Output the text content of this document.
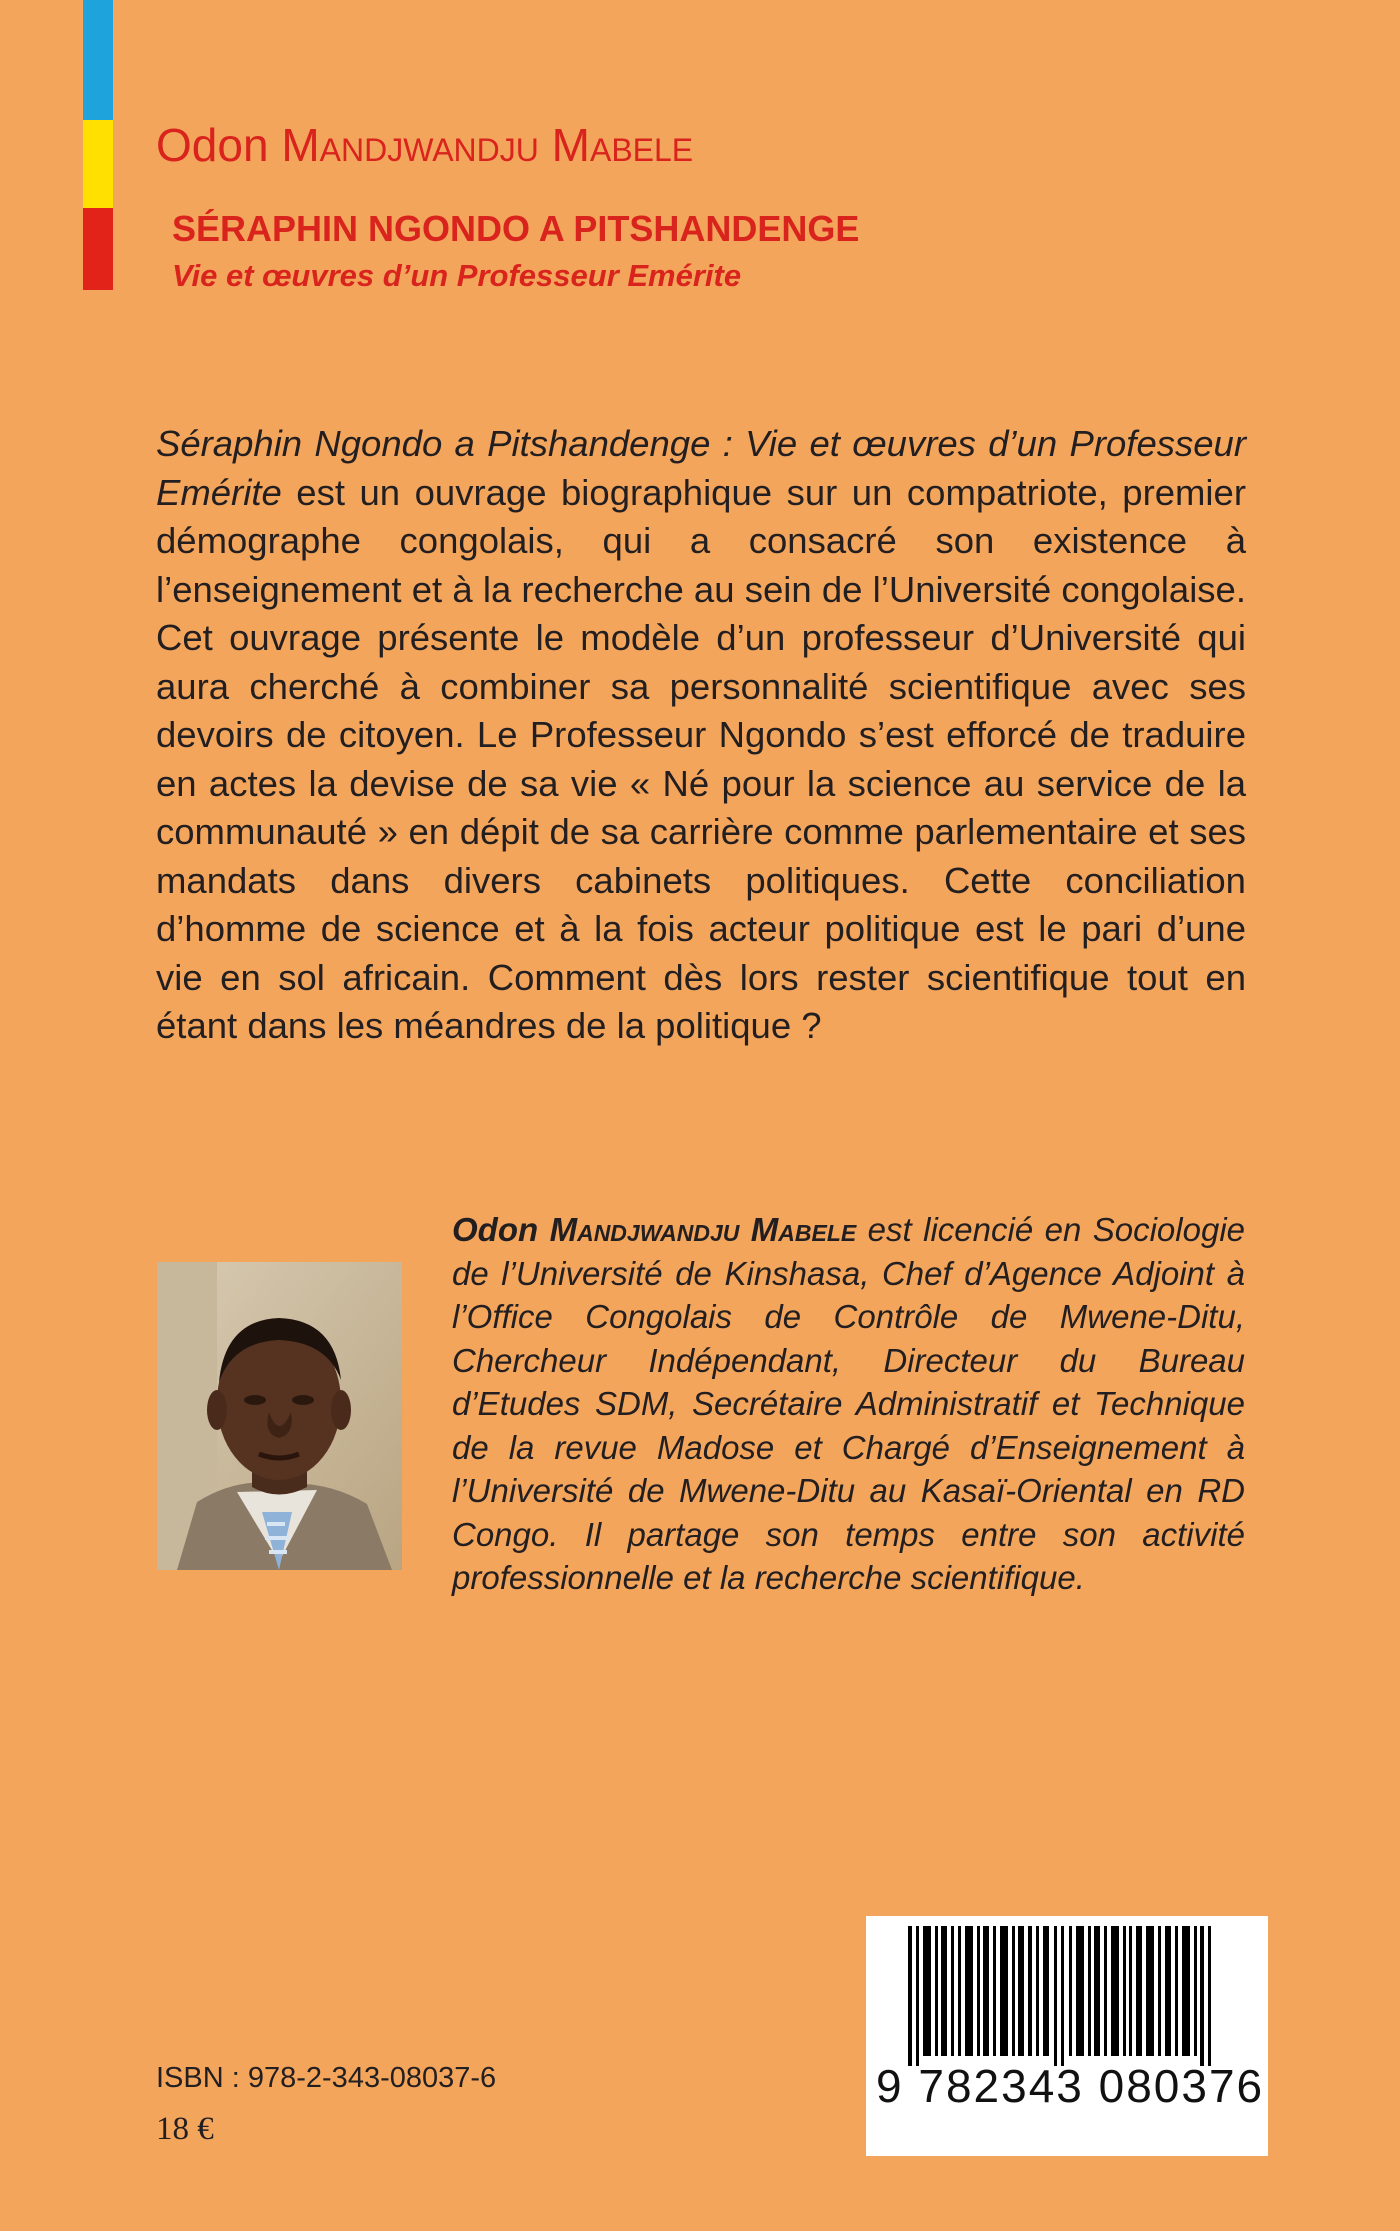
Odon Mandjwandju Mabele
SÉRAPHIN NGONDO A PITSHANDENGE
Vie et œuvres d’un Professeur Emérite

Séraphin Ngondo a Pitshandenge : Vie et œuvres d’un Professeur Emérite est un ouvrage biographique sur un compatriote, premier démographe congolais, qui a consacré son existence à l’enseignement et à la recherche au sein de l’Université congolaise. Cet ouvrage présente le modèle d’un professeur d’Université qui aura cherché à combiner sa personnalité scientifique avec ses devoirs de citoyen. Le Professeur Ngondo s’est efforcé de traduire en actes la devise de sa vie « Né pour la science au service de la communauté » en dépit de sa carrière comme parlementaire et ses mandats dans divers cabinets politiques. Cette conciliation d’homme de science et à la fois acteur politique est le pari d’une vie en sol africain. Comment dès lors rester scientifique tout en étant dans les méandres de la politique ?

Odon Mandjwandju Mabele est licencié en Sociologie de l’Université de Kinshasa, Chef d’Agence Adjoint à l’Office Congolais de Contrôle de Mwene-Ditu, Chercheur Indépendant, Directeur du Bureau d’Etudes SDM, Secrétaire Administratif et Technique de la revue Madose et Chargé d’Enseignement à l’Université de Mwene-Ditu au Kasaï-Oriental en RD Congo. Il partage son temps entre son activité professionnelle et la recherche scientifique.

ISBN : 978-2-343-08037-6
18 €
9 782343 080376
